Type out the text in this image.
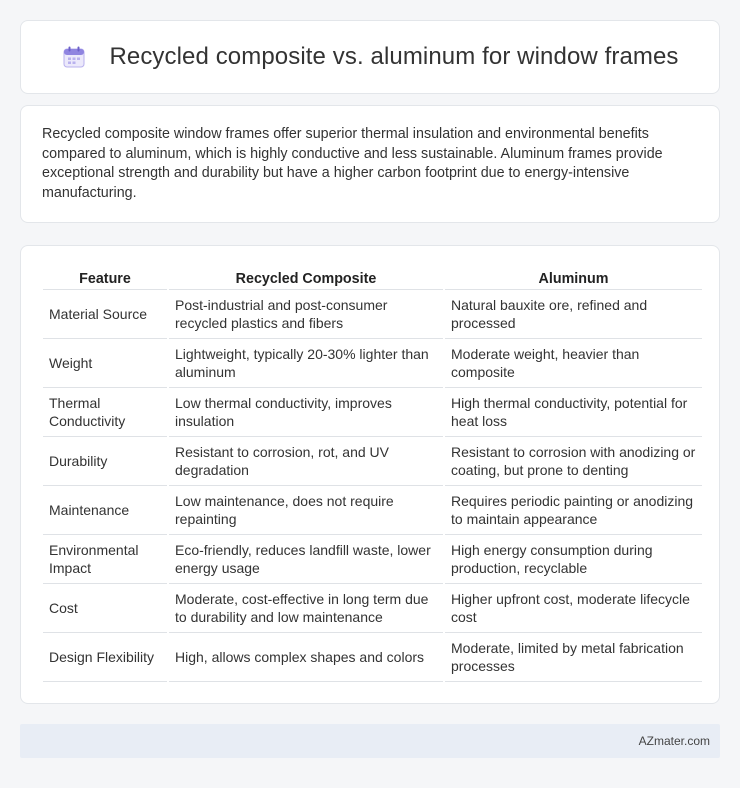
Recycled composite vs. aluminum for window frames

Recycled composite window frames offer superior thermal insulation and environmental benefits compared to aluminum, which is highly conductive and less sustainable. Aluminum frames provide exceptional strength and durability but have a higher carbon footprint due to energy-intensive manufacturing.

Feature	Recycled Composite	Aluminum
Material Source	Post-industrial and post-consumer recycled plastics and fibers	Natural bauxite ore, refined and processed
Weight	Lightweight, typically 20-30% lighter than aluminum	Moderate weight, heavier than composite
Thermal Conductivity	Low thermal conductivity, improves insulation	High thermal conductivity, potential for heat loss
Durability	Resistant to corrosion, rot, and UV degradation	Resistant to corrosion with anodizing or coating, but prone to denting
Maintenance	Low maintenance, does not require repainting	Requires periodic painting or anodizing to maintain appearance
Environmental Impact	Eco-friendly, reduces landfill waste, lower energy usage	High energy consumption during production, recyclable
Cost	Moderate, cost-effective in long term due to durability and low maintenance	Higher upfront cost, moderate lifecycle cost
Design Flexibility	High, allows complex shapes and colors	Moderate, limited by metal fabrication processes
AZmater.com
